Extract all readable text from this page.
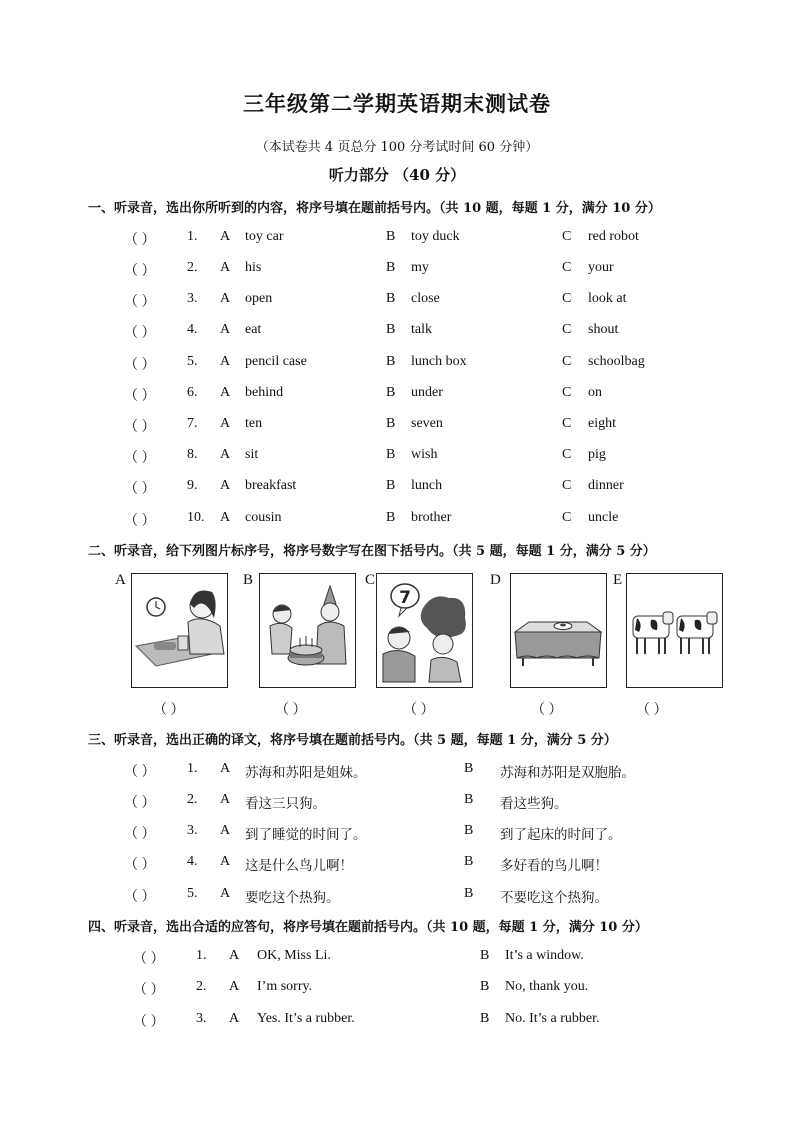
三年级第二学期英语期末测试卷
（本试卷共 4 页总分 100 分考试时间 60 分钟）
听力部分 （40 分）
一、听录音，选出你所听到的内容，将序号填在题前括号内。（共 10 题，每题 1 分，满分 10 分）
（ ） 1. A toy car	B toy duck	C red robot
（ ） 2. A his	B my	C your
（ ） 3. A open	B close	C look at
（ ） 4. A eat	B talk	C shout
（ ） 5. A pencil case	B lunch box	C schoolbag
（ ） 6. A behind	B under	C on
（ ） 7. A ten	B seven	C eight
（ ） 8. A sit	B wish	C pig
（ ） 9. A breakfast	B lunch	C dinner
（ ） 10. A cousin	B brother	C uncle
二、听录音，给下列图片标序号，将序号数字写在图下括号内。（共 5 题，每题 1 分，满分 5 分）
A	B	C
7
D	E
（ ）	（ ）	（ ）	（ ）	（ ）
三、听录音，选出正确的译文，将序号填在题前括号内。（共 5 题，每题 1 分，满分 5 分）
（ ） 1. A 苏海和苏阳是姐妹。	B 苏海和苏阳是双胞胎。
（ ） 2. A 看这三只狗。	B 看这些狗。
（ ） 3. A 到了睡觉的时间了。	B 到了起床的时间了。
（ ） 4. A 这是什么鸟儿啊！	B 多好看的鸟儿啊！
（ ） 5. A 要吃这个热狗。	B 不要吃这个热狗。
四、听录音，选出合适的应答句，将序号填在题前括号内。（共 10 题，每题 1 分，满分 10 分）
（ ） 1. A OK, Miss Li.	B It’s a window.
（ ） 2. A I’m sorry.	B No, thank you.
（ ） 3. A Yes. It’s a rubber.	B No. It’s a rubber.
